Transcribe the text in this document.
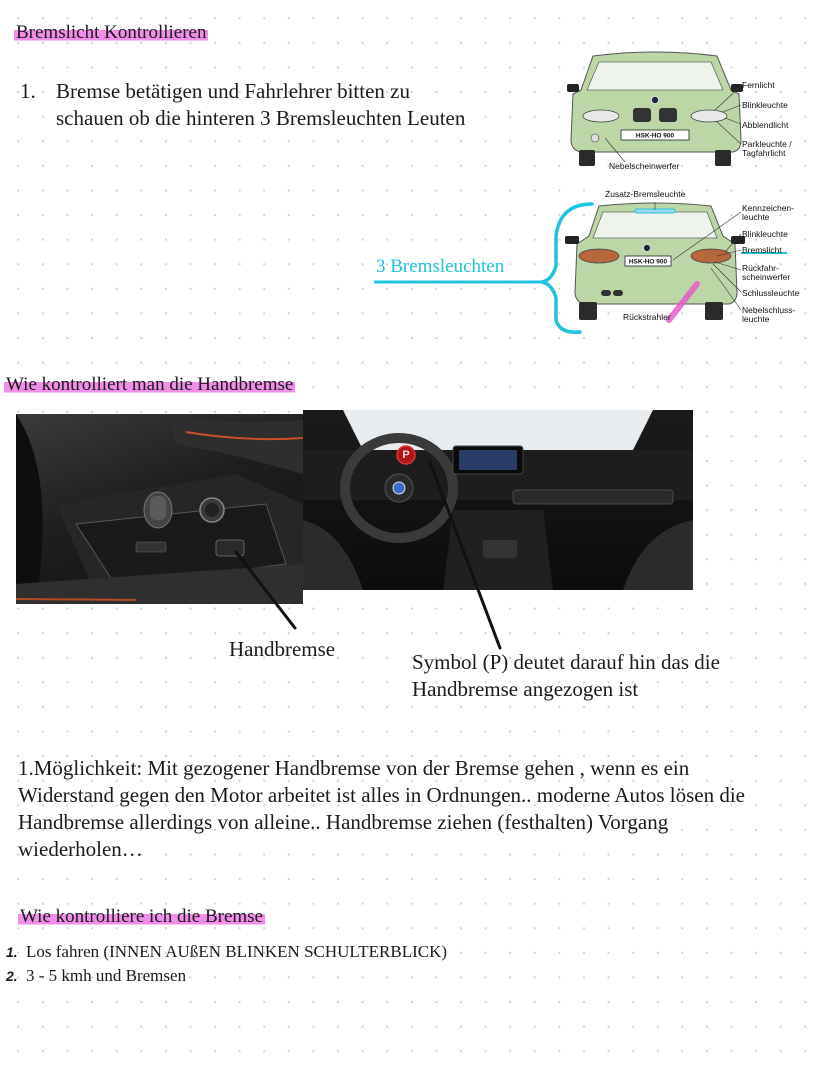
Bremslicht Kontrollieren
1. Bremse betätigen und Fahrlehrer bitten zu schauen ob die hinteren 3 Bremsleuchten Leuten
HSK-HO 900
Fernlicht
Blinkleuchte
Abblendlicht
Parkleuchte /
Tagfahrlicht
Nebelscheinwerfer
HSK-HO 900
Zusatz-Bremsleuchte
Kennzeichen-
leuchte
Blinkleuchte
Bremslicht
Rückfahr-
scheinwerfer
Schlussleuchte
Nebelschluss-
leuchte
Rückstrahler
3 Bremsleuchten
Wie kontrolliert man die Handbremse
P
Handbremse
Symbol (P) deutet darauf hin das die Handbremse angezogen ist
1.Möglichkeit: Mit gezogener Handbremse von der Bremse gehen , wenn es ein Widerstand gegen den Motor arbeitet ist alles in Ordnungen.. moderne Autos lösen die Handbremse allerdings von alleine.. Handbremse ziehen (festhalten) Vorgang wiederholen…
Wie kontrolliere ich die Bremse
1. Los fahren (INNEN AUßEN BLINKEN SCHULTERBLICK)
2. 3 - 5 kmh und Bremsen
